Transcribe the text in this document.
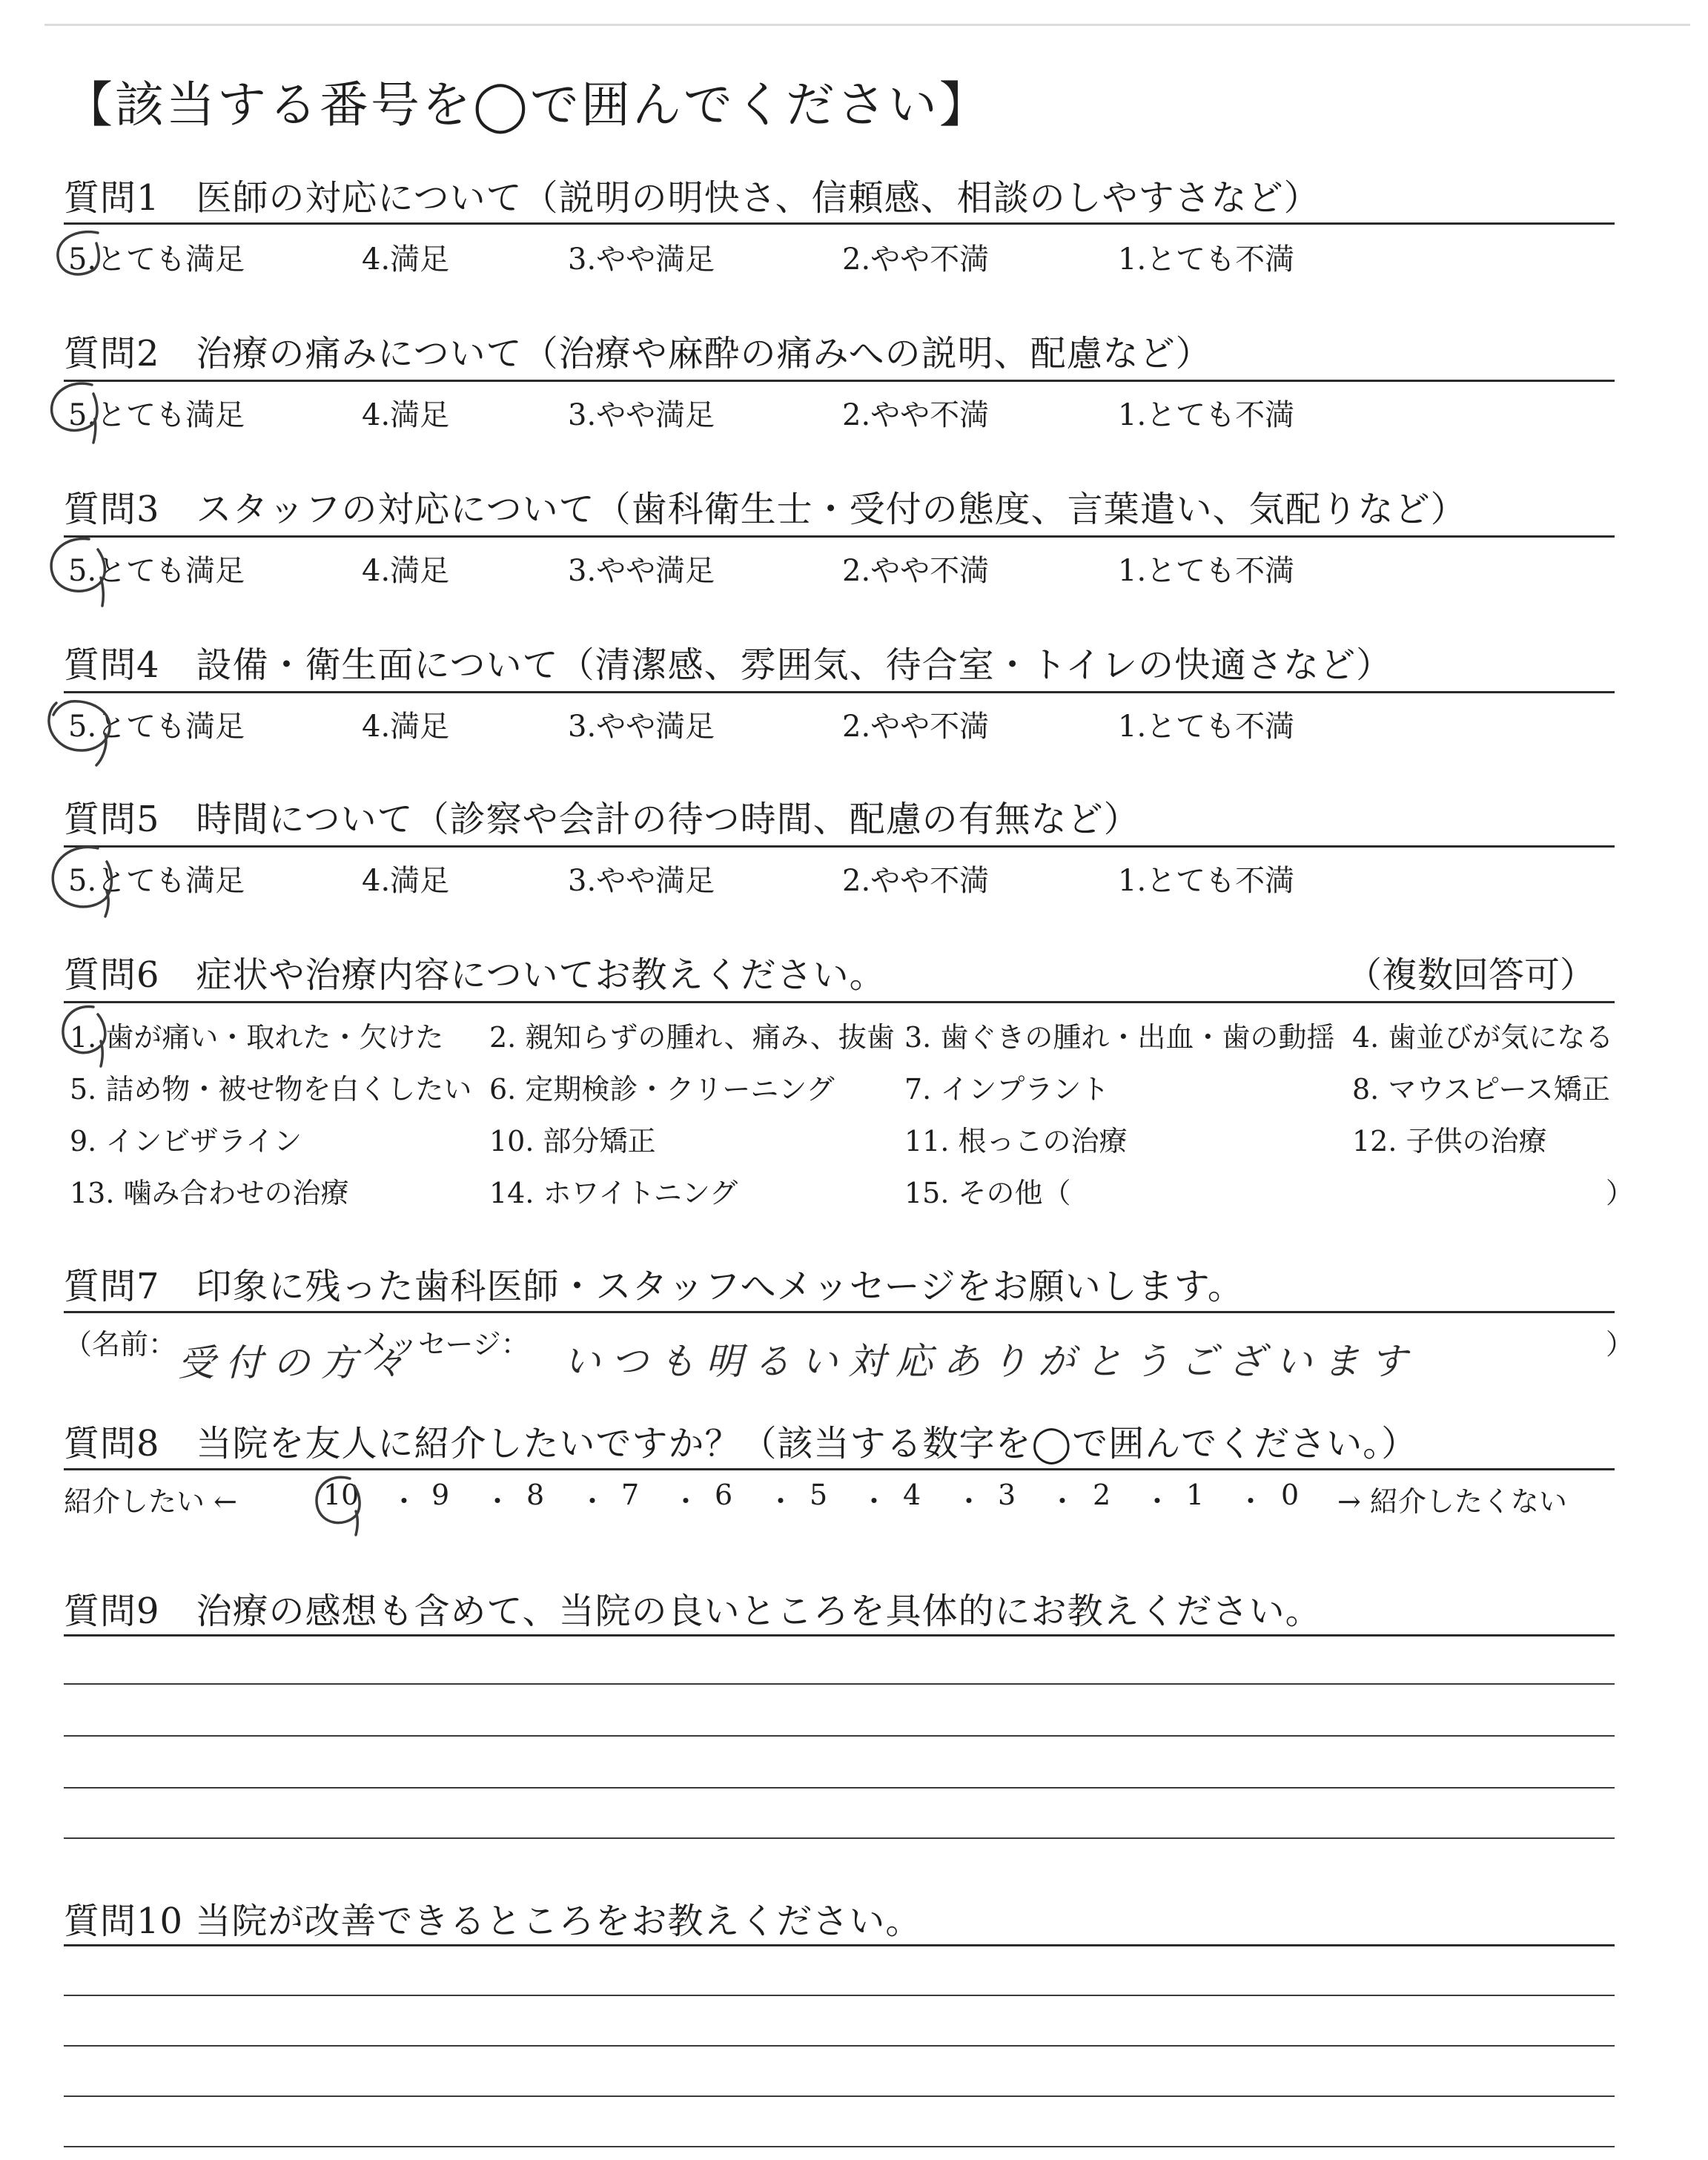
【該当する番号を◯で囲んでください】
質問1　医師の対応について（説明の明快さ、信頼感、相談のしやすさなど）
5.とても満足	4.満足	3.やや満足	2.やや不満	1.とても不満
質問2　治療の痛みについて（治療や麻酔の痛みへの説明、配慮など）
5.とても満足	4.満足	3.やや満足	2.やや不満	1.とても不満
質問3　スタッフの対応について（歯科衛生士・受付の態度、言葉遣い、気配りなど）
5.とても満足	4.満足	3.やや満足	2.やや不満	1.とても不満
質問4　設備・衛生面について（清潔感、雰囲気、待合室・トイレの快適さなど）
5.とても満足	4.満足	3.やや満足	2.やや不満	1.とても不満
質問5　時間について（診察や会計の待つ時間、配慮の有無など）
5.とても満足	4.満足	3.やや満足	2.やや不満	1.とても不満
質問6　症状や治療内容についてお教えください。	（複数回答可）
1. 歯が痛い・取れた・欠けた 2. 親知らずの腫れ、痛み、抜歯 3. 歯ぐきの腫れ・出血・歯の動揺 4. 歯並びが気になる
5. 詰め物・被せ物を白くしたい 6. 定期検診・クリーニング 7. インプラント	8. マウスピース矯正
9. インビザライン	10. 部分矯正	11. 根っこの治療	12. 子供の治療
13. 噛み合わせの治療	14. ホワイトニング	15. その他（	）
質問7　印象に残った歯科医師・スタッフへメッセージをお願いします。
（名前： 受付の方々
メッセージ： いつも明るい対応ありがとうございます	）
質問8　当院を友人に紹介したいですか？（該当する数字を◯で囲んでください。）
紹介したい ←	10 ・ 9 ・ 8 ・ 7 ・ 6 ・ 5 ・ 4 ・ 3 ・ 2 ・ 1 ・ 0 → 紹介したくない
質問9　治療の感想も含めて、当院の良いところを具体的にお教えください。
質問10 当院が改善できるところをお教えください。
